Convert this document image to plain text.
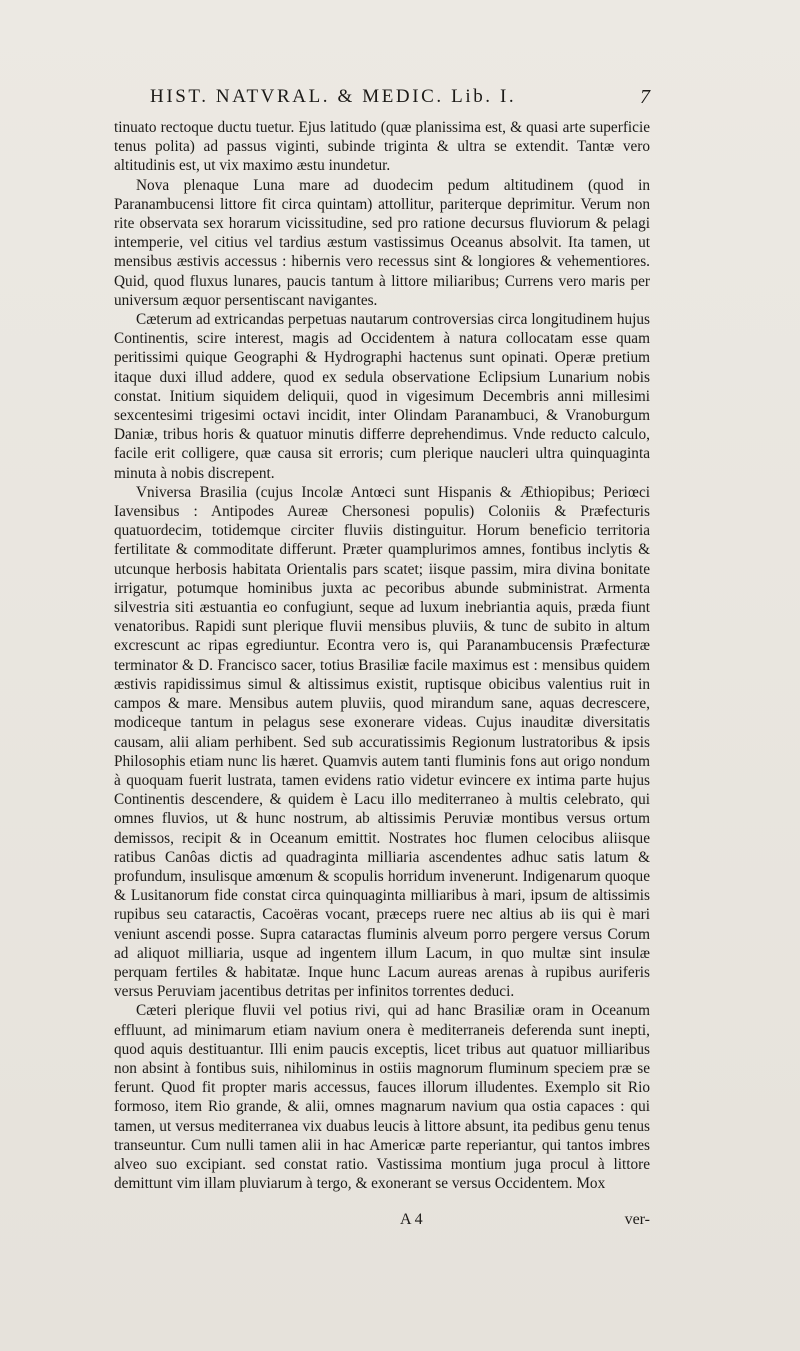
HIST. NATVRAL. & MEDIC. Lib. I.	7

tinuato rectoque ductu tuetur. Ejus latitudo (quæ planissima est, & quasi arte superficie tenus polita) ad passus viginti, subinde triginta & ultra se extendit. Tantæ vero altitudinis est, ut vix maximo æstu inundetur.

Nova plenaque Luna mare ad duodecim pedum altitudinem (quod in Paranambucensi littore fit circa quintam) attollitur, pariterque deprimitur. Verum non rite observata sex horarum vicissitudine, sed pro ratione decursus fluviorum & pelagi intemperie, vel citius vel tardius æstum vastissimus Oceanus absolvit. Ita tamen, ut mensibus æstivis accessus : hibernis vero recessus sint & longiores & vehementiores. Quid, quod fluxus lunares, paucis tantum à littore miliaribus; Currens vero maris per universum æquor persentiscant navigantes.

Cæterum ad extricandas perpetuas nautarum controversias circa longitudinem hujus Continentis, scire interest, magis ad Occidentem à natura collocatam esse quam peritissimi quique Geographi & Hydrographi hactenus sunt opinati. Operæ pretium itaque duxi illud addere, quod ex sedula observatione Eclipsium Lunarium nobis constat. Initium siquidem deliquii, quod in vigesimum Decembris anni millesimi sexcentesimi trigesimi octavi incidit, inter Olindam Paranambuci, & Vranoburgum Daniæ, tribus horis & quatuor minutis differre deprehendimus. Vnde reducto calculo, facile erit colligere, quæ causa sit erroris; cum plerique naucleri ultra quinquaginta minuta à nobis discrepent.

Vniversa Brasilia (cujus Incolæ Antœci sunt Hispanis & Æthiopibus; Periœci Iavensibus : Antipodes Aureæ Chersonesi populis) Coloniis & Præfecturis quatuordecim, totidemque circiter fluviis distinguitur. Horum beneficio territoria fertilitate & commoditate differunt. Præter quamplurimos amnes, fontibus inclytis & utcunque herbosis habitata Orientalis pars scatet; iisque passim, mira divina bonitate irrigatur, potumque hominibus juxta ac pecoribus abunde subministrat. Armenta silvestria siti æstuantia eo confugiunt, seque ad luxum inebriantia aquis, præda fiunt venatoribus. Rapidi sunt plerique fluvii mensibus pluviis, & tunc de subito in altum excrescunt ac ripas egrediuntur. Econtra vero is, qui Paranambucensis Præfecturæ terminator & D. Francisco sacer, totius Brasiliæ facile maximus est : mensibus quidem æstivis rapidissimus simul & altissimus existit, ruptisque obicibus valentius ruit in campos & mare. Mensibus autem pluviis, quod mirandum sane, aquas decrescere, modiceque tantum in pelagus sese exonerare videas. Cujus inauditæ diversitatis causam, alii aliam perhibent. Sed sub accuratissimis Regionum lustratoribus & ipsis Philosophis etiam nunc lis hæret. Quamvis autem tanti fluminis fons aut origo nondum à quoquam fuerit lustrata, tamen evidens ratio videtur evincere ex intima parte hujus Continentis descendere, & quidem è Lacu illo mediterraneo à multis celebrato, qui omnes fluvios, ut & hunc nostrum, ab altissimis Peruviæ montibus versus ortum demissos, recipit & in Oceanum emittit. Nostrates hoc flumen celocibus aliisque ratibus Canôas dictis ad quadraginta milliaria ascendentes adhuc satis latum & profundum, insulisque amœnum & scopulis horridum invenerunt. Indigenarum quoque & Lusitanorum fide constat circa quinquaginta milliaribus à mari, ipsum de altissimis rupibus seu cataractis, Cacoëras vocant, præceps ruere nec altius ab iis qui è mari veniunt ascendi posse. Supra cataractas fluminis alveum porro pergere versus Corum ad aliquot milliaria, usque ad ingentem illum Lacum, in quo multæ sint insulæ perquam fertiles & habitatæ. Inque hunc Lacum aureas arenas à rupibus auriferis versus Peruviam jacentibus detritas per infinitos torrentes deduci.

Cæteri plerique fluvii vel potius rivi, qui ad hanc Brasiliæ oram in Oceanum effluunt, ad minimarum etiam navium onera è mediterraneis deferenda sunt inepti, quod aquis destituantur. Illi enim paucis exceptis, licet tribus aut quatuor milliaribus non absint à fontibus suis, nihilominus in ostiis magnorum fluminum speciem præ se ferunt. Quod fit propter maris accessus, fauces illorum illudentes. Exemplo sit Rio formoso, item Rio grande, & alii, omnes magnarum navium qua ostia capaces : qui tamen, ut versus mediterranea vix duabus leucis à littore absunt, ita pedibus genu tenus transeuntur. Cum nulli tamen alii in hac Americæ parte reperiantur, qui tantos imbres alveo suo excipiant. sed constat ratio. Vastissima montium juga procul à littore demittunt vim illam pluviarum à tergo, & exonerant se versus Occidentem. Mox

A 4	ver-
